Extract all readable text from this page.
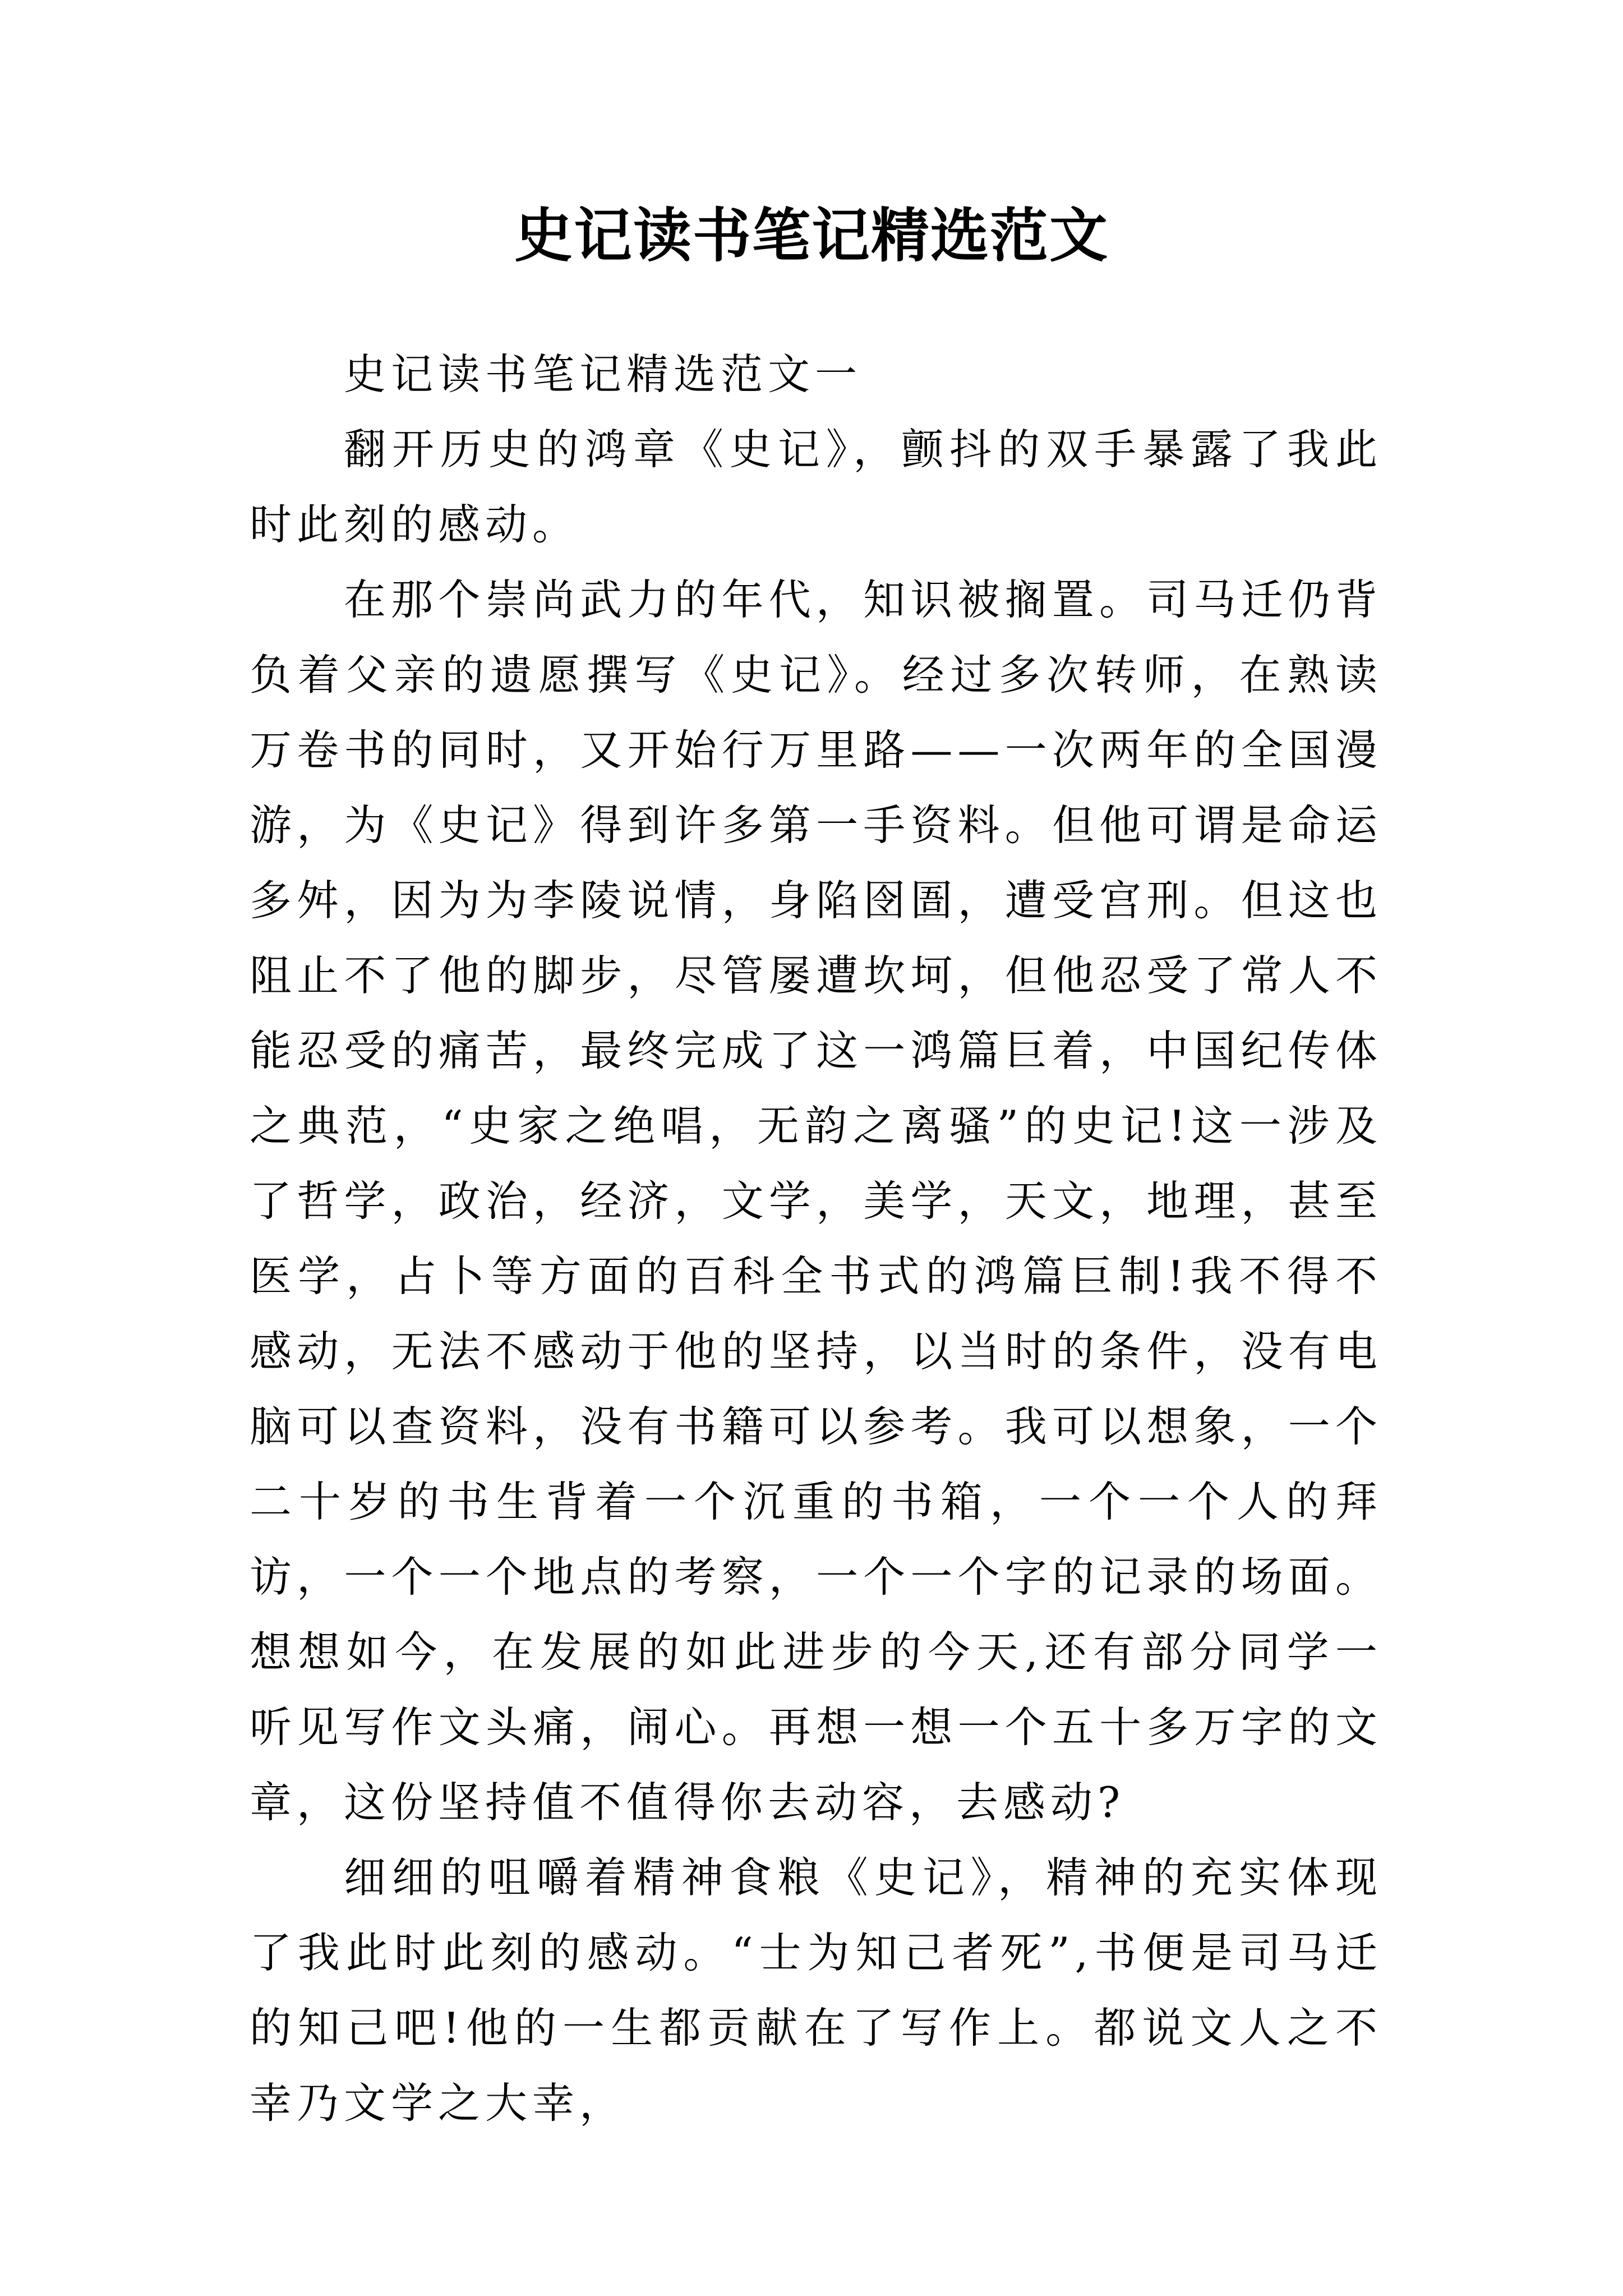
史记读书笔记精选范文

史记读书笔记精选范文一

翻开历史的鸿章《史记》，颤抖的双手暴露了我此时此刻的感动。

在那个崇尚武力的年代，知识被搁置。司马迁仍背负着父亲的遗愿撰写《史记》。经过多次转师，在熟读万卷书的同时，又开始行万里路——一次两年的全国漫游，为《史记》得到许多第一手资料。但他可谓是命运多舛，因为为李陵说情，身陷囹圄，遭受宫刑。但这也阻止不了他的脚步，尽管屡遭坎坷，但他忍受了常人不能忍受的痛苦，最终完成了这一鸿篇巨着，中国纪传体之典范，“史家之绝唱，无韵之离骚”的史记!这一涉及了哲学，政治，经济，文学，美学，天文，地理，甚至医学，占卜等方面的百科全书式的鸿篇巨制!我不得不感动，无法不感动于他的坚持，以当时的条件，没有电脑可以查资料，没有书籍可以参考。我可以想象，一个二十岁的书生背着一个沉重的书箱，一个一个人的拜访，一个一个地点的考察，一个一个字的记录的场面。想想如今，在发展的如此进步的今天,还有部分同学一听见写作文头痛，闹心。再想一想一个五十多万字的文章，这份坚持值不值得你去动容，去感动?

细细的咀嚼着精神食粮《史记》，精神的充实体现了我此时此刻的感动。“士为知己者死”,书便是司马迁的知己吧!他的一生都贡献在了写作上。都说文人之不幸乃文学之大幸，
